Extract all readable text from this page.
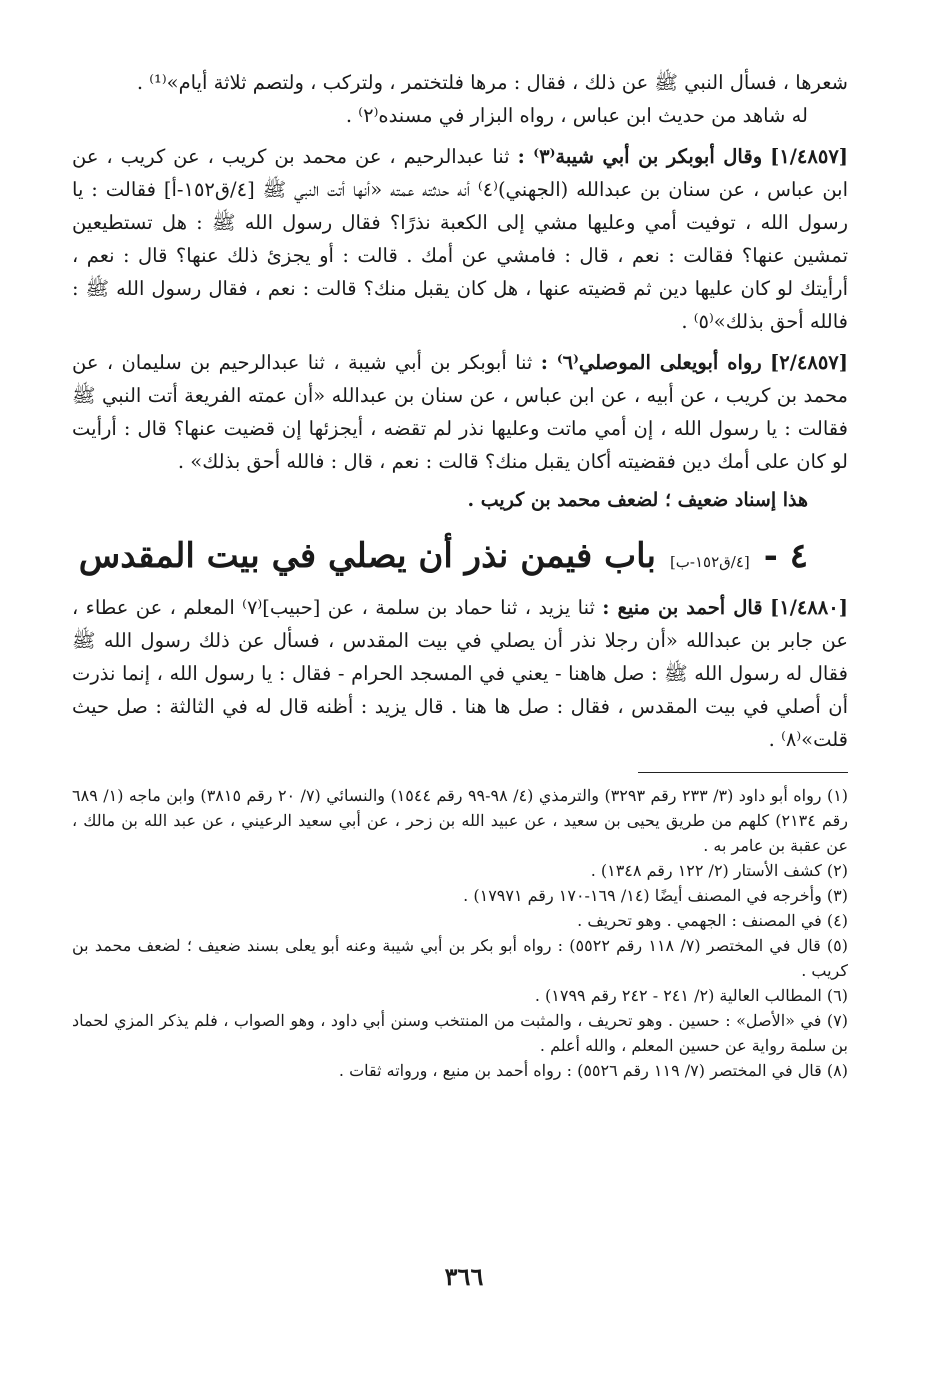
شعرها ، فسأل النبي ﷺ عن ذلك ، فقال : مرها فلتختمر ، ولتركب ، ولتصم ثلاثة أيام»⁽¹⁾ .

له شاهد من حديث ابن عباس ، رواه البزار في مسنده⁽٢⁾ .

[١/٤٨٥٧] وقال أبوبكر بن أبي شيبة⁽٣⁾ : ثنا عبدالرحيم ، عن محمد بن كريب ، عن كريب ، عن ابن عباس ، عن سنان بن عبدالله (الجهني)⁽٤⁾ أنه حدثته عمته «أنها أتت النبي ﷺ [٤/ق١٥٢-أ] فقالت : يا رسول الله ، توفيت أمي وعليها مشي إلى الكعبة نذرًا؟ فقال رسول الله ﷺ : هل تستطيعين تمشين عنها؟ فقالت : نعم ، قال : فامشي عن أمك . قالت : أو يجزئ ذلك عنها؟ قال : نعم ، أرأيتك لو كان عليها دين ثم قضيته عنها ، هل كان يقبل منك؟ قالت : نعم ، فقال رسول الله ﷺ : فالله أحق بذلك»⁽٥⁾ .

[٢/٤٨٥٧] رواه أبويعلى الموصلي⁽٦⁾ : ثنا أبوبكر بن أبي شيبة ، ثنا عبدالرحيم بن سليمان ، عن محمد بن كريب ، عن أبيه ، عن ابن عباس ، عن سنان بن عبدالله «أن عمته الفريعة أتت النبي ﷺ فقالت : يا رسول الله ، إن أمي ماتت وعليها نذر لم تقضه ، أيجزئها إن قضيت عنها؟ قال : أرأيت لو كان على أمك دين فقضيته أكان يقبل منك؟ قالت : نعم ، قال : فالله أحق بذلك» .

هذا إسناد ضعيف ؛ لضعف محمد بن كريب .

٤ -
[٤/ق١٥٢-ب]
باب فيمن نذر أن يصلي في بيت المقدس

[١/٤٨٨٠] قال أحمد بن منيع : ثنا يزيد ، ثنا حماد بن سلمة ، عن [حبيب]⁽٧⁾ المعلم ، عن عطاء ، عن جابر بن عبدالله «أن رجلا نذر أن يصلي في بيت المقدس ، فسأل عن ذلك رسول الله ﷺ فقال له رسول الله ﷺ : صل هاهنا - يعني في المسجد الحرام - فقال : يا رسول الله ، إنما نذرت أن أصلي في بيت المقدس ، فقال : صل ها هنا . قال يزيد : أظنه قال له في الثالثة : صل حيث قلت»⁽٨⁾ .

(١) رواه أبو داود (٣/ ٢٣٣ رقم ٣٢٩٣) والترمذي (٤/ ٩٨-٩٩ رقم ١٥٤٤) والنسائي (٧/ ٢٠ رقم ٣٨١٥) وابن ماجه (١/ ٦٨٩ رقم ٢١٣٤) كلهم من طريق يحيى بن سعيد ، عن عبيد الله بن زحر ، عن أبي سعيد الرعيني ، عن عبد الله بن مالك ، عن عقبة بن عامر به .

(٢) كشف الأستار (٢/ ١٢٢ رقم ١٣٤٨) .

(٣) وأخرجه في المصنف أيضًا (١٤/ ١٦٩-١٧٠ رقم ١٧٩٧١) .

(٤) في المصنف : الجهمي . وهو تحريف .

(٥) قال في المختصر (٧/ ١١٨ رقم ٥٥٢٢) : رواه أبو بكر بن أبي شيبة وعنه أبو يعلى بسند ضعيف ؛ لضعف محمد بن كريب .

(٦) المطالب العالية (٢/ ٢٤١ - ٢٤٢ رقم ١٧٩٩) .

(٧) في «الأصل» : حسين . وهو تحريف ، والمثبت من المنتخب وسنن أبي داود ، وهو الصواب ، فلم يذكر المزي لحماد بن سلمة رواية عن حسين المعلم ، والله أعلم .

(٨) قال في المختصر (٧/ ١١٩ رقم ٥٥٢٦) : رواه أحمد بن منيع ، ورواته ثقات .

٣٦٦
